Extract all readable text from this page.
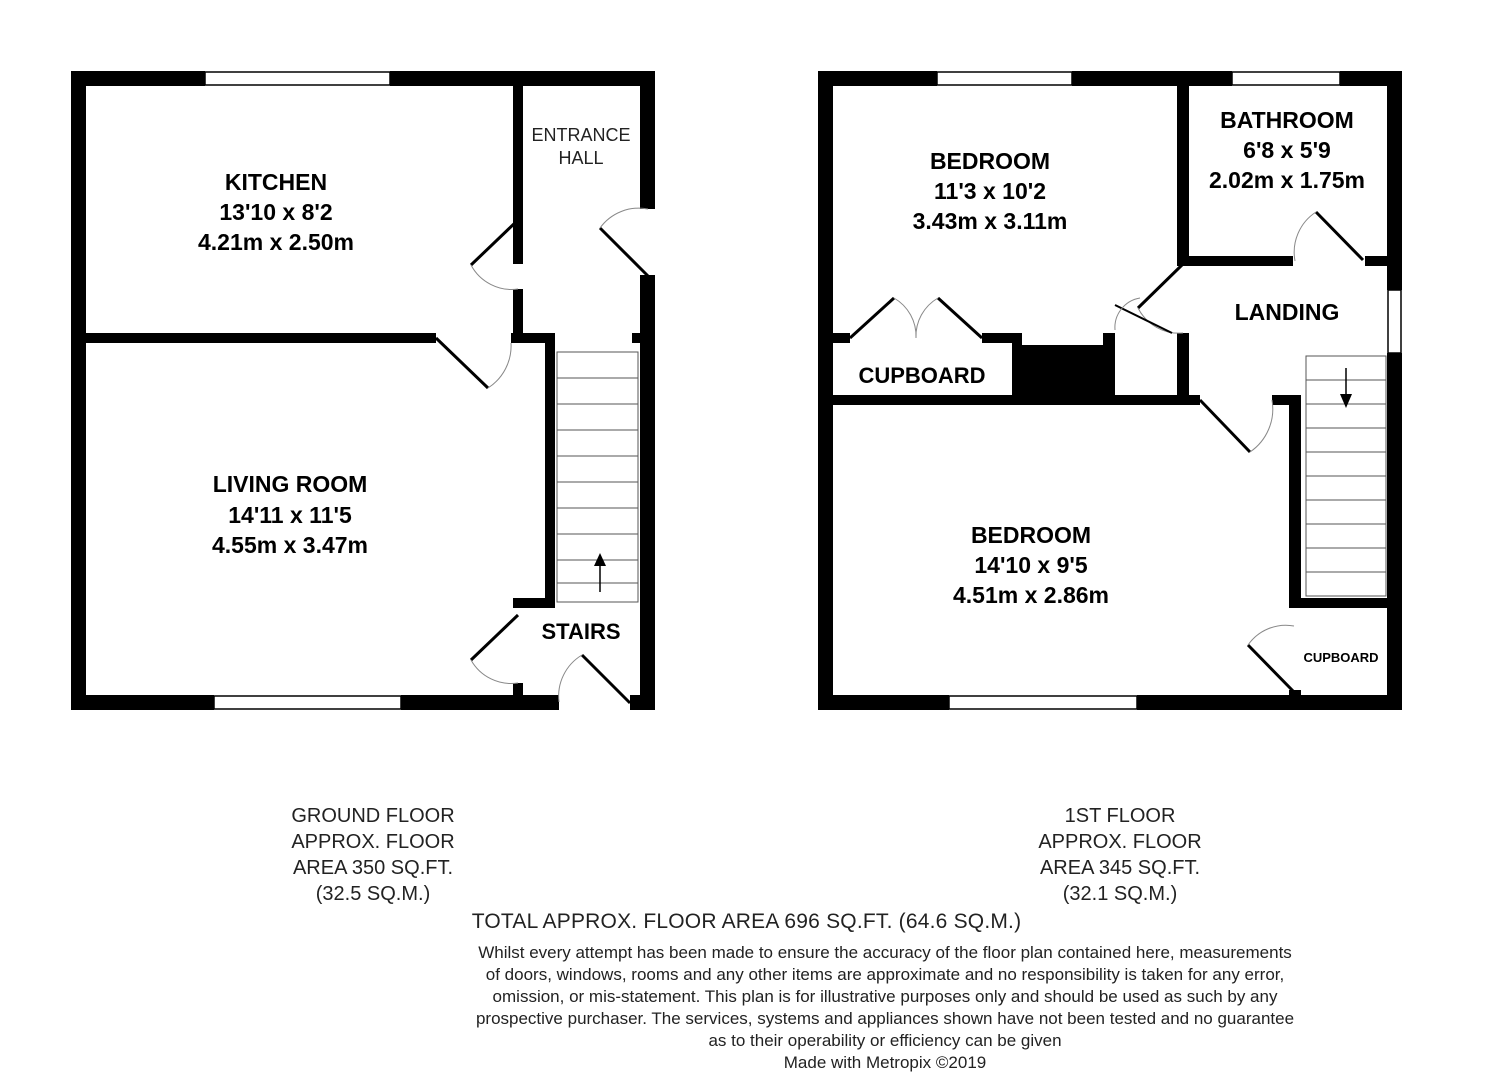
KITCHEN
13'10 x 8'2
4.21m x 2.50m
ENTRANCE
HALL
LIVING ROOM
14'11 x 11'5
4.55m x 3.47m
STAIRS
BEDROOM
11'3 x 10'2
3.43m x 3.11m
BATHROOM
6'8 x 5'9
2.02m x 1.75m
LANDING
CUPBOARD
BEDROOM
14'10 x 9'5
4.51m x 2.86m
CUPBOARD
GROUND FLOOR
APPROX. FLOOR
AREA 350 SQ.FT.
(32.5 SQ.M.)
1ST FLOOR
APPROX. FLOOR
AREA 345 SQ.FT.
(32.1 SQ.M.)
TOTAL APPROX. FLOOR AREA 696 SQ.FT. (64.6 SQ.M.)
Whilst every attempt has been made to ensure the accuracy of the floor plan contained here, measurements
of doors, windows, rooms and any other items are approximate and no responsibility is taken for any error,
omission, or mis-statement. This plan is for illustrative purposes only and should be used as such by any
prospective purchaser. The services, systems and appliances shown have not been tested and no guarantee
as to their operability or efficiency can be given
Made with Metropix ©2019
